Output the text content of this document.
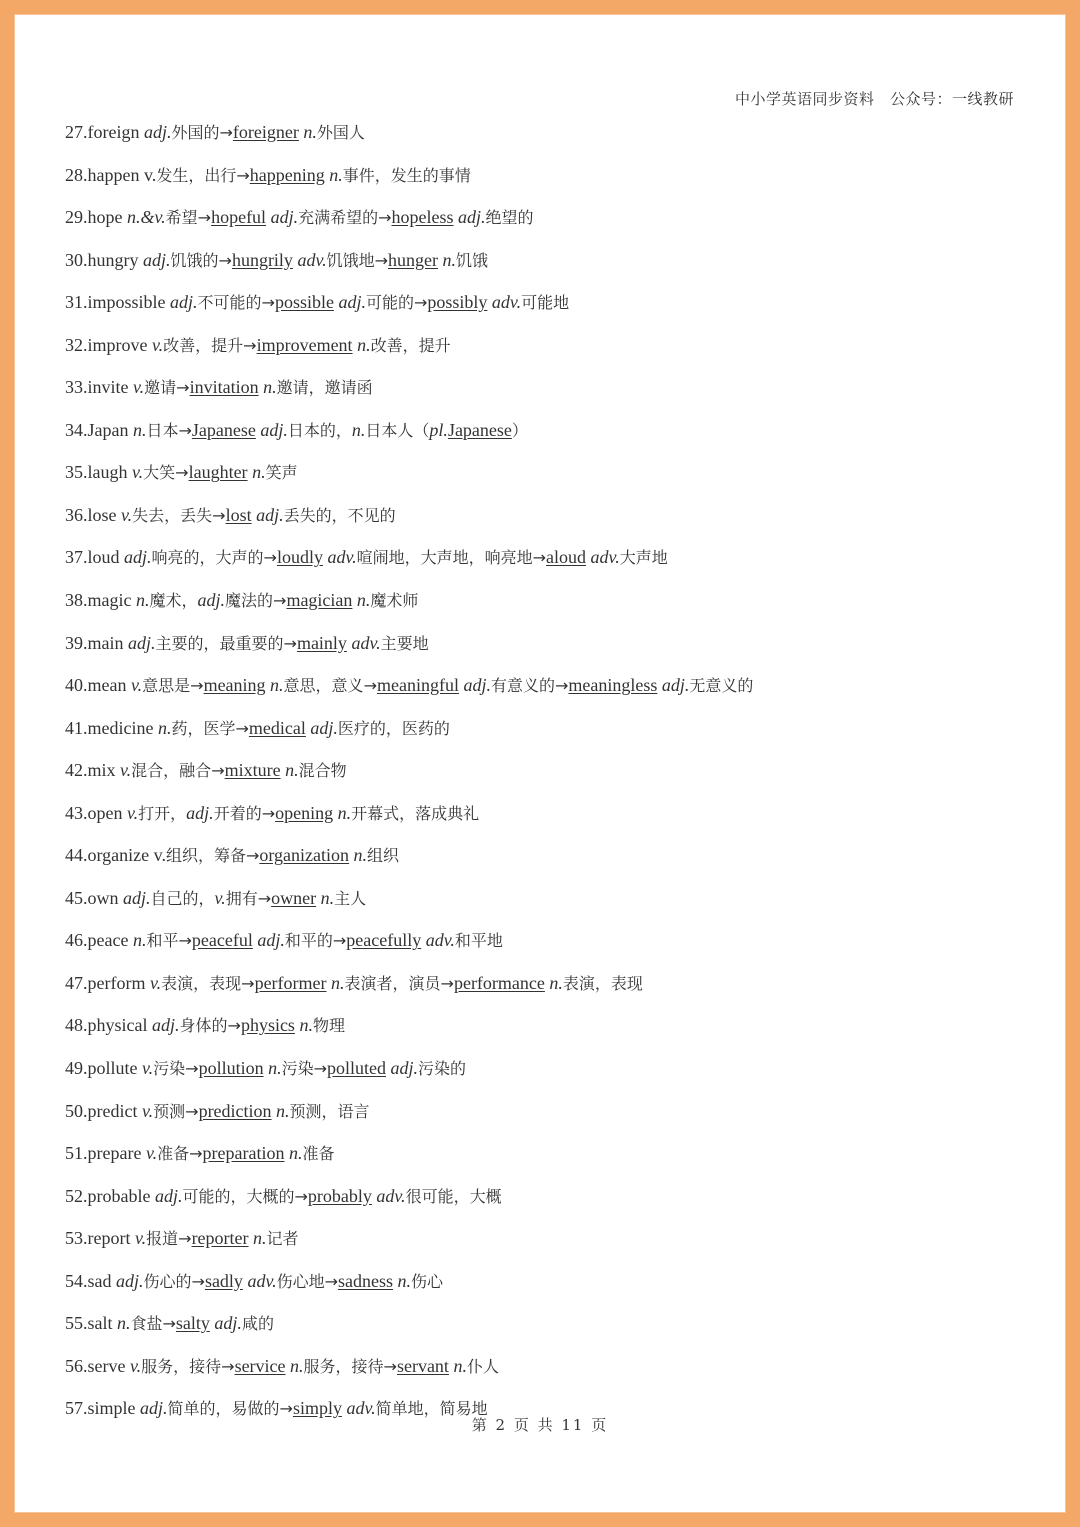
中小学英语同步资料　公众号：一线教研
27.foreign adj.外国的→foreigner n.外国人
28.happen v.发生，出行→happening n.事件，发生的事情
29.hope n.&v.希望→hopeful adj.充满希望的→hopeless adj.绝望的
30.hungry adj.饥饿的→hungrily adv.饥饿地→hunger n.饥饿
31.impossible adj.不可能的→possible adj.可能的→possibly adv.可能地
32.improve v.改善，提升→improvement n.改善，提升
33.invite v.邀请→invitation n.邀请，邀请函
34.Japan n.日本→Japanese adj.日本的，n.日本人（pl.Japanese）
35.laugh v.大笑→laughter n.笑声
36.lose v.失去，丢失→lost adj.丢失的，不见的
37.loud adj.响亮的，大声的→loudly adv.喧闹地，大声地，响亮地→aloud adv.大声地
38.magic n.魔术，adj.魔法的→magician n.魔术师
39.main adj.主要的，最重要的→mainly adv.主要地
40.mean v.意思是→meaning n.意思，意义→meaningful adj.有意义的→meaningless adj.无意义的
41.medicine n.药，医学→medical adj.医疗的，医药的
42.mix v.混合，融合→mixture n.混合物
43.open v.打开，adj.开着的→opening n.开幕式，落成典礼
44.organize v.组织，筹备→organization n.组织
45.own adj.自己的，v.拥有→owner n.主人
46.peace n.和平→peaceful adj.和平的→peacefully adv.和平地
47.perform v.表演，表现→performer n.表演者，演员→performance n.表演，表现
48.physical adj.身体的→physics n.物理
49.pollute v.污染→pollution n.污染→polluted adj.污染的
50.predict v.预测→prediction n.预测，语言
51.prepare v.准备→preparation n.准备
52.probable adj.可能的，大概的→probably adv.很可能，大概
53.report v.报道→reporter n.记者
54.sad adj.伤心的→sadly adv.伤心地→sadness n.伤心
55.salt n.食盐→salty adj.咸的
56.serve v.服务，接待→service n.服务，接待→servant n.仆人
57.simple adj.简单的，易做的→simply adv.简单地，简易地
第 2 页 共 11 页
